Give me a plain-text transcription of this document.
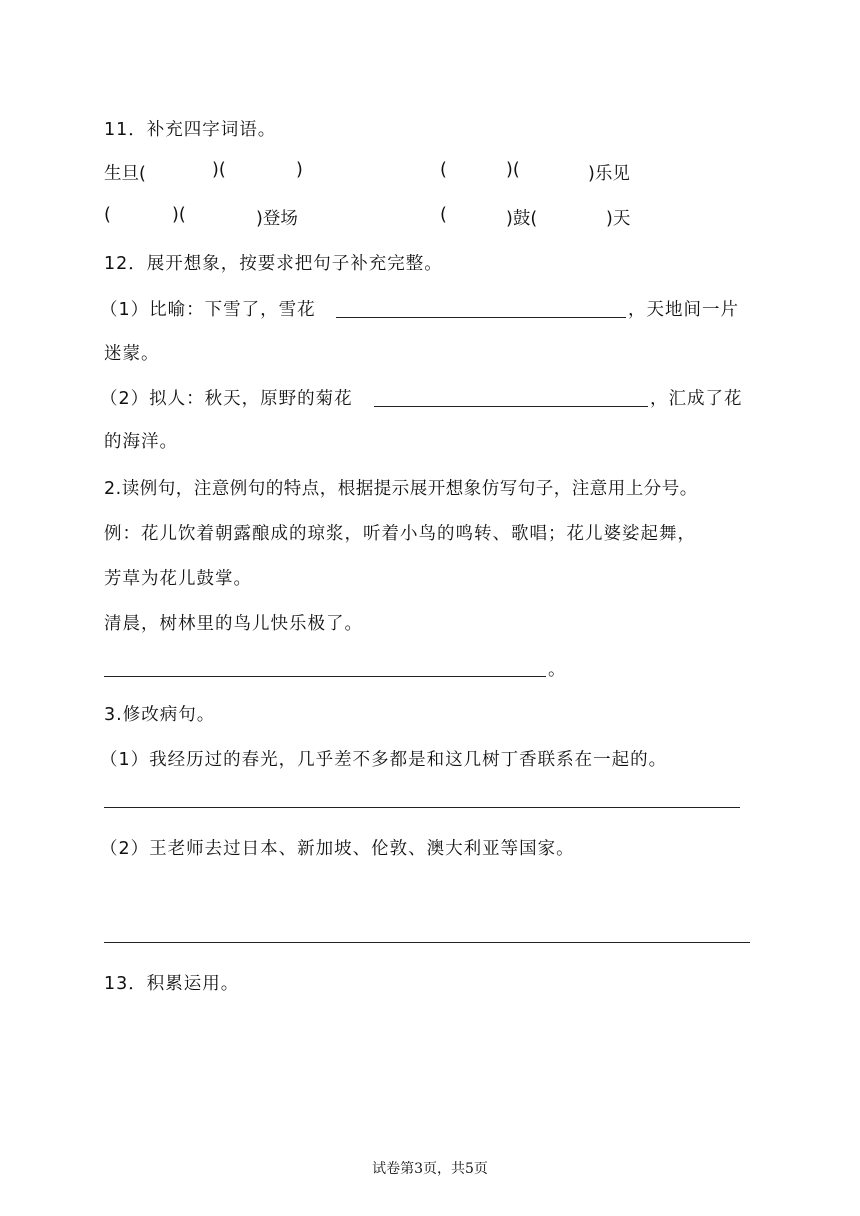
11．补充四字词语。
生旦(	)(	)	(	)(	)乐见
(	)(	)登场	(	)鼓(	)天
12．展开想象，按要求把句子补充完整。
（1）比喻：下雪了，雪花	，天地间一片
迷蒙。
（2）拟人：秋天，原野的菊花	，汇成了花
的海洋。
2.读例句，注意例句的特点，根据提示展开想象仿写句子，注意用上分号。
例：花儿饮着朝露酿成的琼浆，听着小鸟的鸣转、歌唱；花儿婆娑起舞，
芳草为花儿鼓掌。
清晨，树林里的鸟儿快乐极了。
。
3.修改病句。
（1）我经历过的春光，几乎差不多都是和这几树丁香联系在一起的。
（2）王老师去过日本、新加坡、伦敦、澳大利亚等国家。
13．积累运用。
试卷第3页，共5页
